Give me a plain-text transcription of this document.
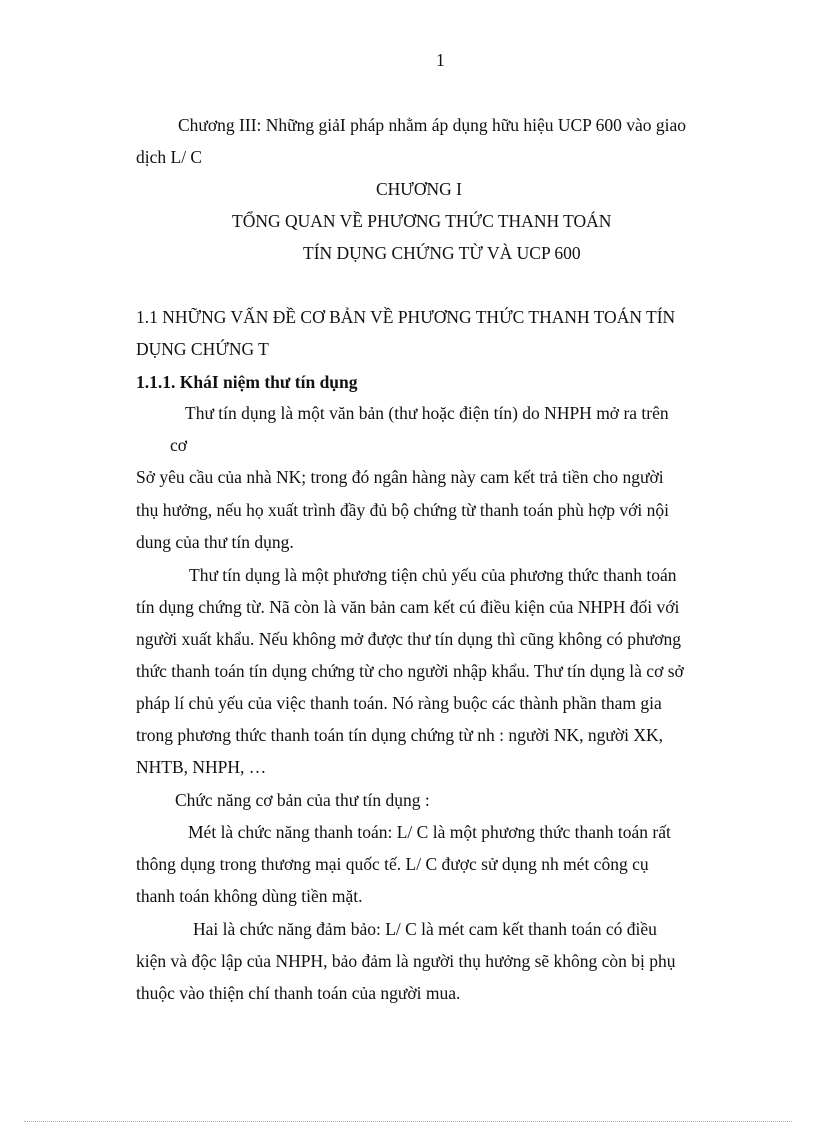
1
Chương III: Những giảI pháp nhằm áp dụng hữu hiệu UCP 600 vào giao
dịch L/ C
CHƯƠNG I
TỔNG QUAN VỀ PHƯƠNG THỨC THANH TOÁN
TÍN DỤNG CHỨNG TỪ VÀ UCP 600
1.1 NHỮNG VẤN ĐỀ CƠ BẢN VỀ PHƯƠNG THỨC THANH TOÁN TÍN
DỤNG CHỨNG T
1.1.1. KháI niệm thư tín dụng
Thư tín dụng là một văn bản (thư hoặc điện tín) do NHPH mở ra trên
cơ
Sở yêu cầu của nhà NK; trong đó ngân hàng này cam kết trả tiền cho người
thụ hưởng, nếu họ xuất trình đầy đủ bộ chứng từ thanh toán phù hợp với nội
dung của thư tín dụng.
Thư tín dụng là một phương tiện chủ yếu của phương thức thanh toán
tín dụng chứng từ. Nã còn là văn bản cam kết cú điều kiện của NHPH đối với
người xuất khẩu. Nếu không mở được thư tín dụng thì cũng không có phương
thức thanh toán tín dụng chứng từ cho người nhập khẩu. Thư tín dụng là cơ sở
pháp lí chủ yếu của việc thanh toán. Nó ràng buộc các thành phần tham gia
trong phương thức thanh toán tín dụng chứng từ nh : người NK, người XK,
NHTB, NHPH, …
Chức năng cơ bản của thư tín dụng :
Mét là chức năng thanh toán: L/ C là một phương thức thanh toán rất
thông dụng trong thương mại quốc tế. L/ C được sử dụng nh mét công cụ
thanh toán không dùng tiền mặt.
Hai là chức năng đảm bảo: L/ C là mét cam kết thanh toán có điều
kiện và độc lập của NHPH, bảo đảm là người thụ hưởng sẽ không còn bị phụ
thuộc vào thiện chí thanh toán của người mua.
